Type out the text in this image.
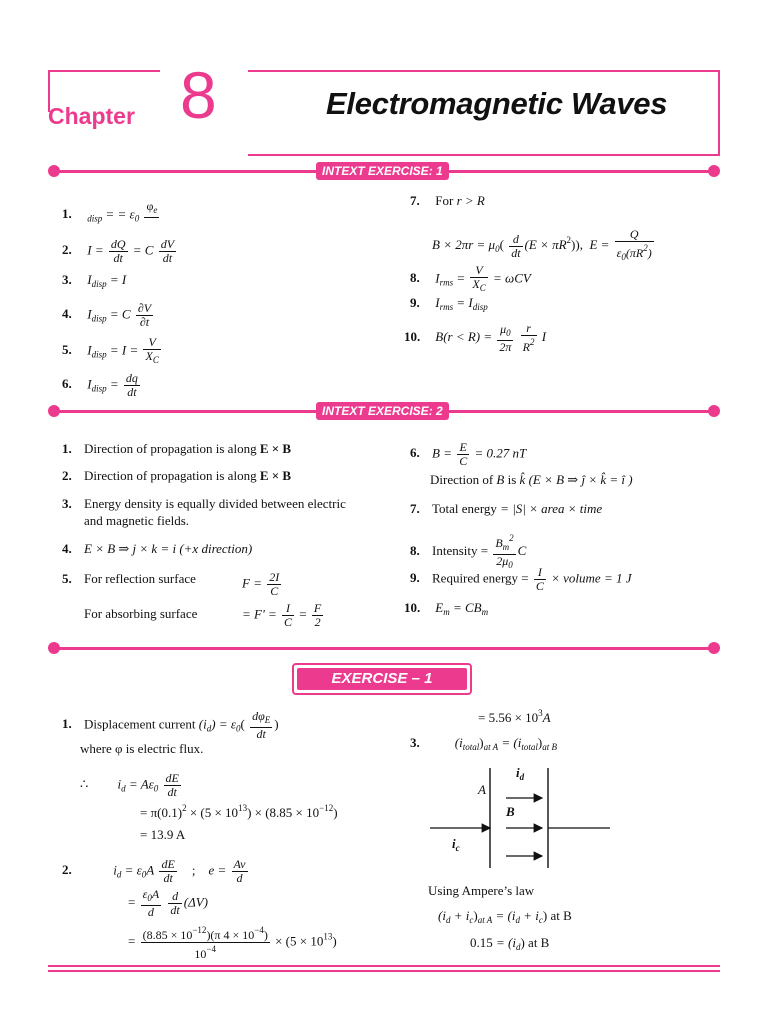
Chapter 8	Electromagnetic Waves
INTEXT EXERCISE: 1
1. $_{disp}$ = = $\varepsilon_0$
$\varphi_e$

2. $I = \frac{dQ}{dt} = C \frac{dV}{dt}$
3. $I_{disp} = I$
4. $I_{disp} = C \frac{\partial V}{\partial t}$
5. $I_{disp} = I = \frac{V}{X_C}$
6. $I_{disp} = \frac{dq}{dt}$
7. For r > R
$B \times 2\pi r = \mu_0( \frac{d}{dt} (E \times \pi R^2))$, $E = \frac{Q}{\varepsilon_0(\pi R^2)}$
8. $I_{rms} = \frac{V}{X_C} = \omega CV$
9. $I_{rms} = I_{disp}$
10. $B(r < R) = \frac{\mu_0}{2\pi}$
$\frac{r}{R^2}$ I
INTEXT EXERCISE: 2
1. Direction of propagation is along E × B
2. Direction of propagation is along E × B
3. Energy density is equally divided between electric
and magnetic fields.
4. E × B ⇒ j × k = i (+x direction)
5. For reflection surface	$F = \frac{2I}{C}$
For absorbing surface	= $F' = \frac{I}{C} = \frac{F}{2}$
6. $B = \frac{E}{C} = 0.27$ nT
Direction of B is k̂ (E × B ⇒ ĵ × k̂ = î )
7. Total energy = |S| × area × time
8. Intensity = $\frac{B_m^2}{2\mu_0}$ C
9. Required energy = $\frac{I}{C}$ × volume = 1 J
10. $E_m = CB_m$
EXERCISE – 1
1. Displacement current $(i_d) = \varepsilon_0( \frac{d\varphi_E}{dt}$ )
where φ is electric flux.
∴ $i_d = A\varepsilon_0 \frac{dE}{dt}$
= $\pi(0.1)^2 \times (5 \times 10^{13}) \times (8.85 \times 10^{-12})$
= 13.9 A
2.	$i_d = \varepsilon_0A \frac{dE}{dt}$ ; $e = \frac{Av}{d}$
= $\frac{\varepsilon_0A}{d}$
$\frac{d}{dt} (\Delta V)$
= $\frac{(8.85 \times 10^{-12})(\pi 4 \times 10^{-4})}{10^{-4}} \times (5 \times 10^{13})$
= $5.56 \times 10^3A$
3.	$(i_{total})_{at A} = (i_{total})_{at B}$
$i_d$
A
B
$i_c$
Using Ampere’s law
$(i_d + i_c)_{at A} = (i_d + i_c)$ at B
$0.15 = (i_d)$ at B
